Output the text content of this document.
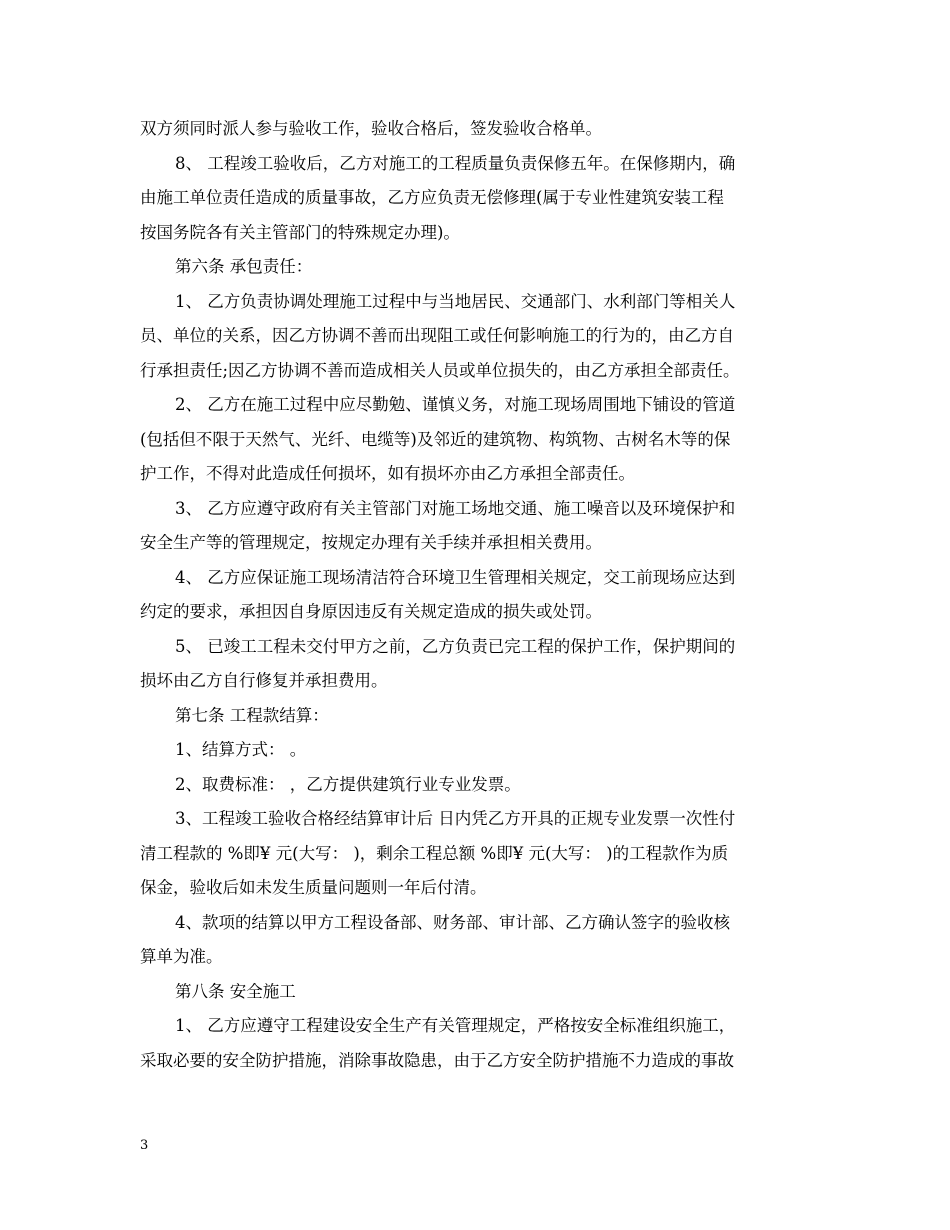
双方须同时派人参与验收工作，验收合格后，签发验收合格单。
8、 工程竣工验收后，乙方对施工的工程质量负责保修五年。在保修期内，确
由施工单位责任造成的质量事故，乙方应负责无偿修理(属于专业性建筑安装工程
按国务院各有关主管部门的特殊规定办理)。
第六条 承包责任：
1、 乙方负责协调处理施工过程中与当地居民、交通部门、水利部门等相关人
员、单位的关系，因乙方协调不善而出现阻工或任何影响施工的行为的，由乙方自
行承担责任;因乙方协调不善而造成相关人员或单位损失的，由乙方承担全部责任。
2、 乙方在施工过程中应尽勤勉、谨慎义务，对施工现场周围地下铺设的管道
(包括但不限于天然气、光纤、电缆等)及邻近的建筑物、构筑物、古树名木等的保
护工作，不得对此造成任何损坏，如有损坏亦由乙方承担全部责任。
3、 乙方应遵守政府有关主管部门对施工场地交通、施工噪音以及环境保护和
安全生产等的管理规定，按规定办理有关手续并承担相关费用。
4、 乙方应保证施工现场清洁符合环境卫生管理相关规定，交工前现场应达到
约定的要求，承担因自身原因违反有关规定造成的损失或处罚。
5、 已竣工工程未交付甲方之前，乙方负责已完工程的保护工作，保护期间的
损坏由乙方自行修复并承担费用。
第七条 工程款结算：
1、结算方式： 。
2、取费标准： ，乙方提供建筑行业专业发票。
3、工程竣工验收合格经结算审计后 日内凭乙方开具的正规专业发票一次性付
清工程款的 %即¥ 元(大写： )，剩余工程总额 %即¥ 元(大写： )的工程款作为质
保金，验收后如未发生质量问题则一年后付清。
4、款项的结算以甲方工程设备部、财务部、审计部、乙方确认签字的验收核
算单为准。
第八条 安全施工
1、 乙方应遵守工程建设安全生产有关管理规定，严格按安全标准组织施工，
采取必要的安全防护措施，消除事故隐患，由于乙方安全防护措施不力造成的事故
3
